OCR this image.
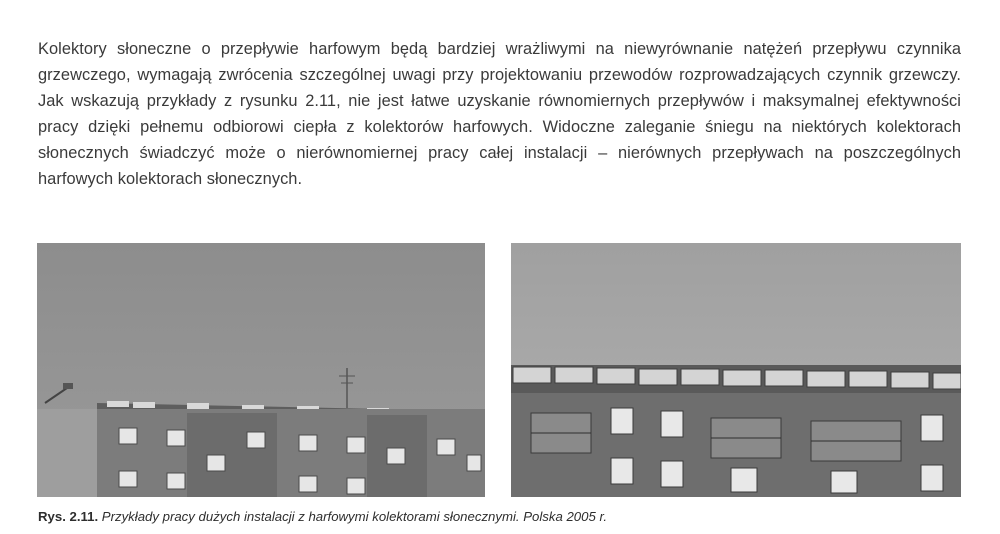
Kolektory słoneczne o przepływie harfowym będą bardziej wrażliwymi na niewyrównanie natężeń przepływu czynnika grzewczego, wymagają zwrócenia szczególnej uwagi przy projektowaniu przewodów rozprowadzających czynnik grzewczy. Jak wskazują przykłady z rysunku 2.11, nie jest łatwe uzyskanie równomiernych przepływów i maksymalnej efektywności pracy dzięki pełnemu odbiorowi ciepła z kolektorów harfowych. Widoczne zaleganie śniegu na niektórych kolektorach słonecznych świadczyć może o nierównomiernej pracy całej instalacji – nierównych przepływach na poszczególnych harfowych kolektorach słonecznych.
Rys. 2.11. Przykłady pracy dużych instalacji z harfowymi kolektorami słonecznymi. Polska 2005 r.
